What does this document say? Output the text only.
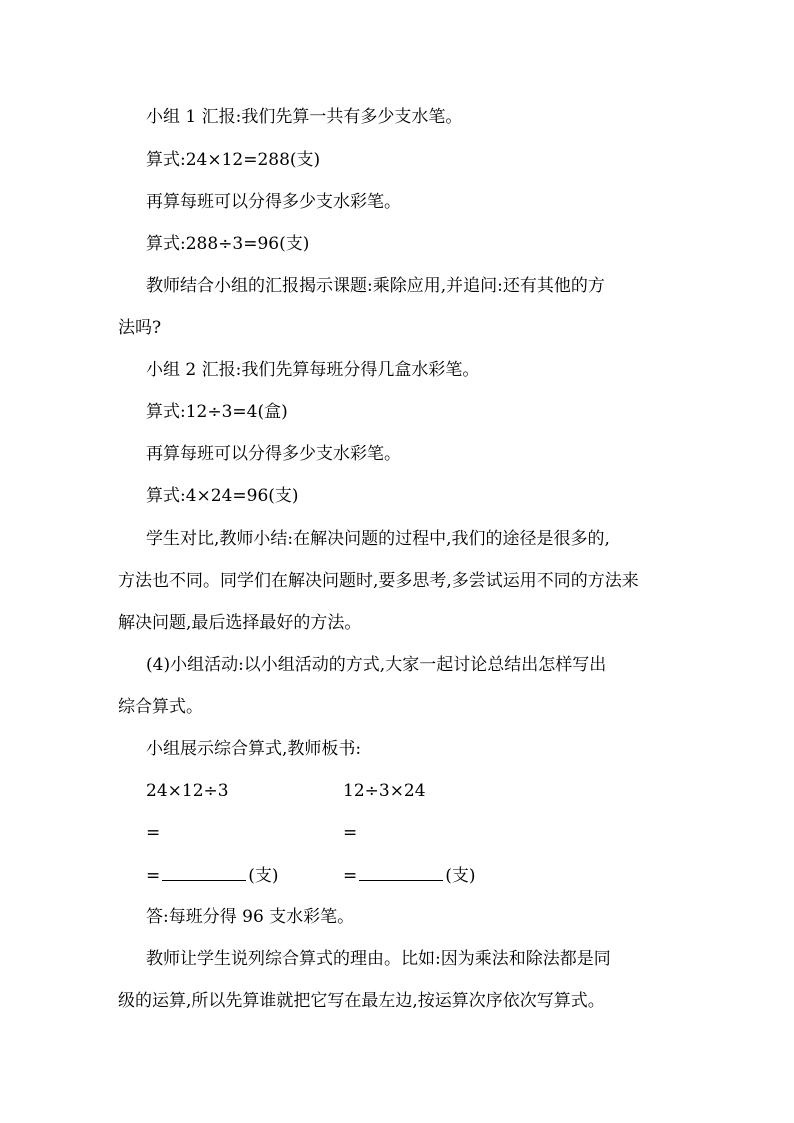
小组 1 汇报:我们先算一共有多少支水笔。
算式:24×12=288(支)
再算每班可以分得多少支水彩笔。
算式:288÷3=96(支)
教师结合小组的汇报揭示课题:乘除应用,并追问:还有其他的方
法吗?
小组 2 汇报:我们先算每班分得几盒水彩笔。
算式:12÷3=4(盒)
再算每班可以分得多少支水彩笔。
算式:4×24=96(支)
学生对比,教师小结:在解决问题的过程中,我们的途径是很多的,
方法也不同。同学们在解决问题时,要多思考,多尝试运用不同的方法来
解决问题,最后选择最好的方法。
(4)小组活动:以小组活动的方式,大家一起讨论总结出怎样写出
综合算式。
小组展示综合算式,教师板书:
24×12÷3	12÷3×24
=	=
=	(支)	=	(支)
答:每班分得 96 支水彩笔。
教师让学生说列综合算式的理由。比如:因为乘法和除法都是同
级的运算,所以先算谁就把它写在最左边,按运算次序依次写算式。
